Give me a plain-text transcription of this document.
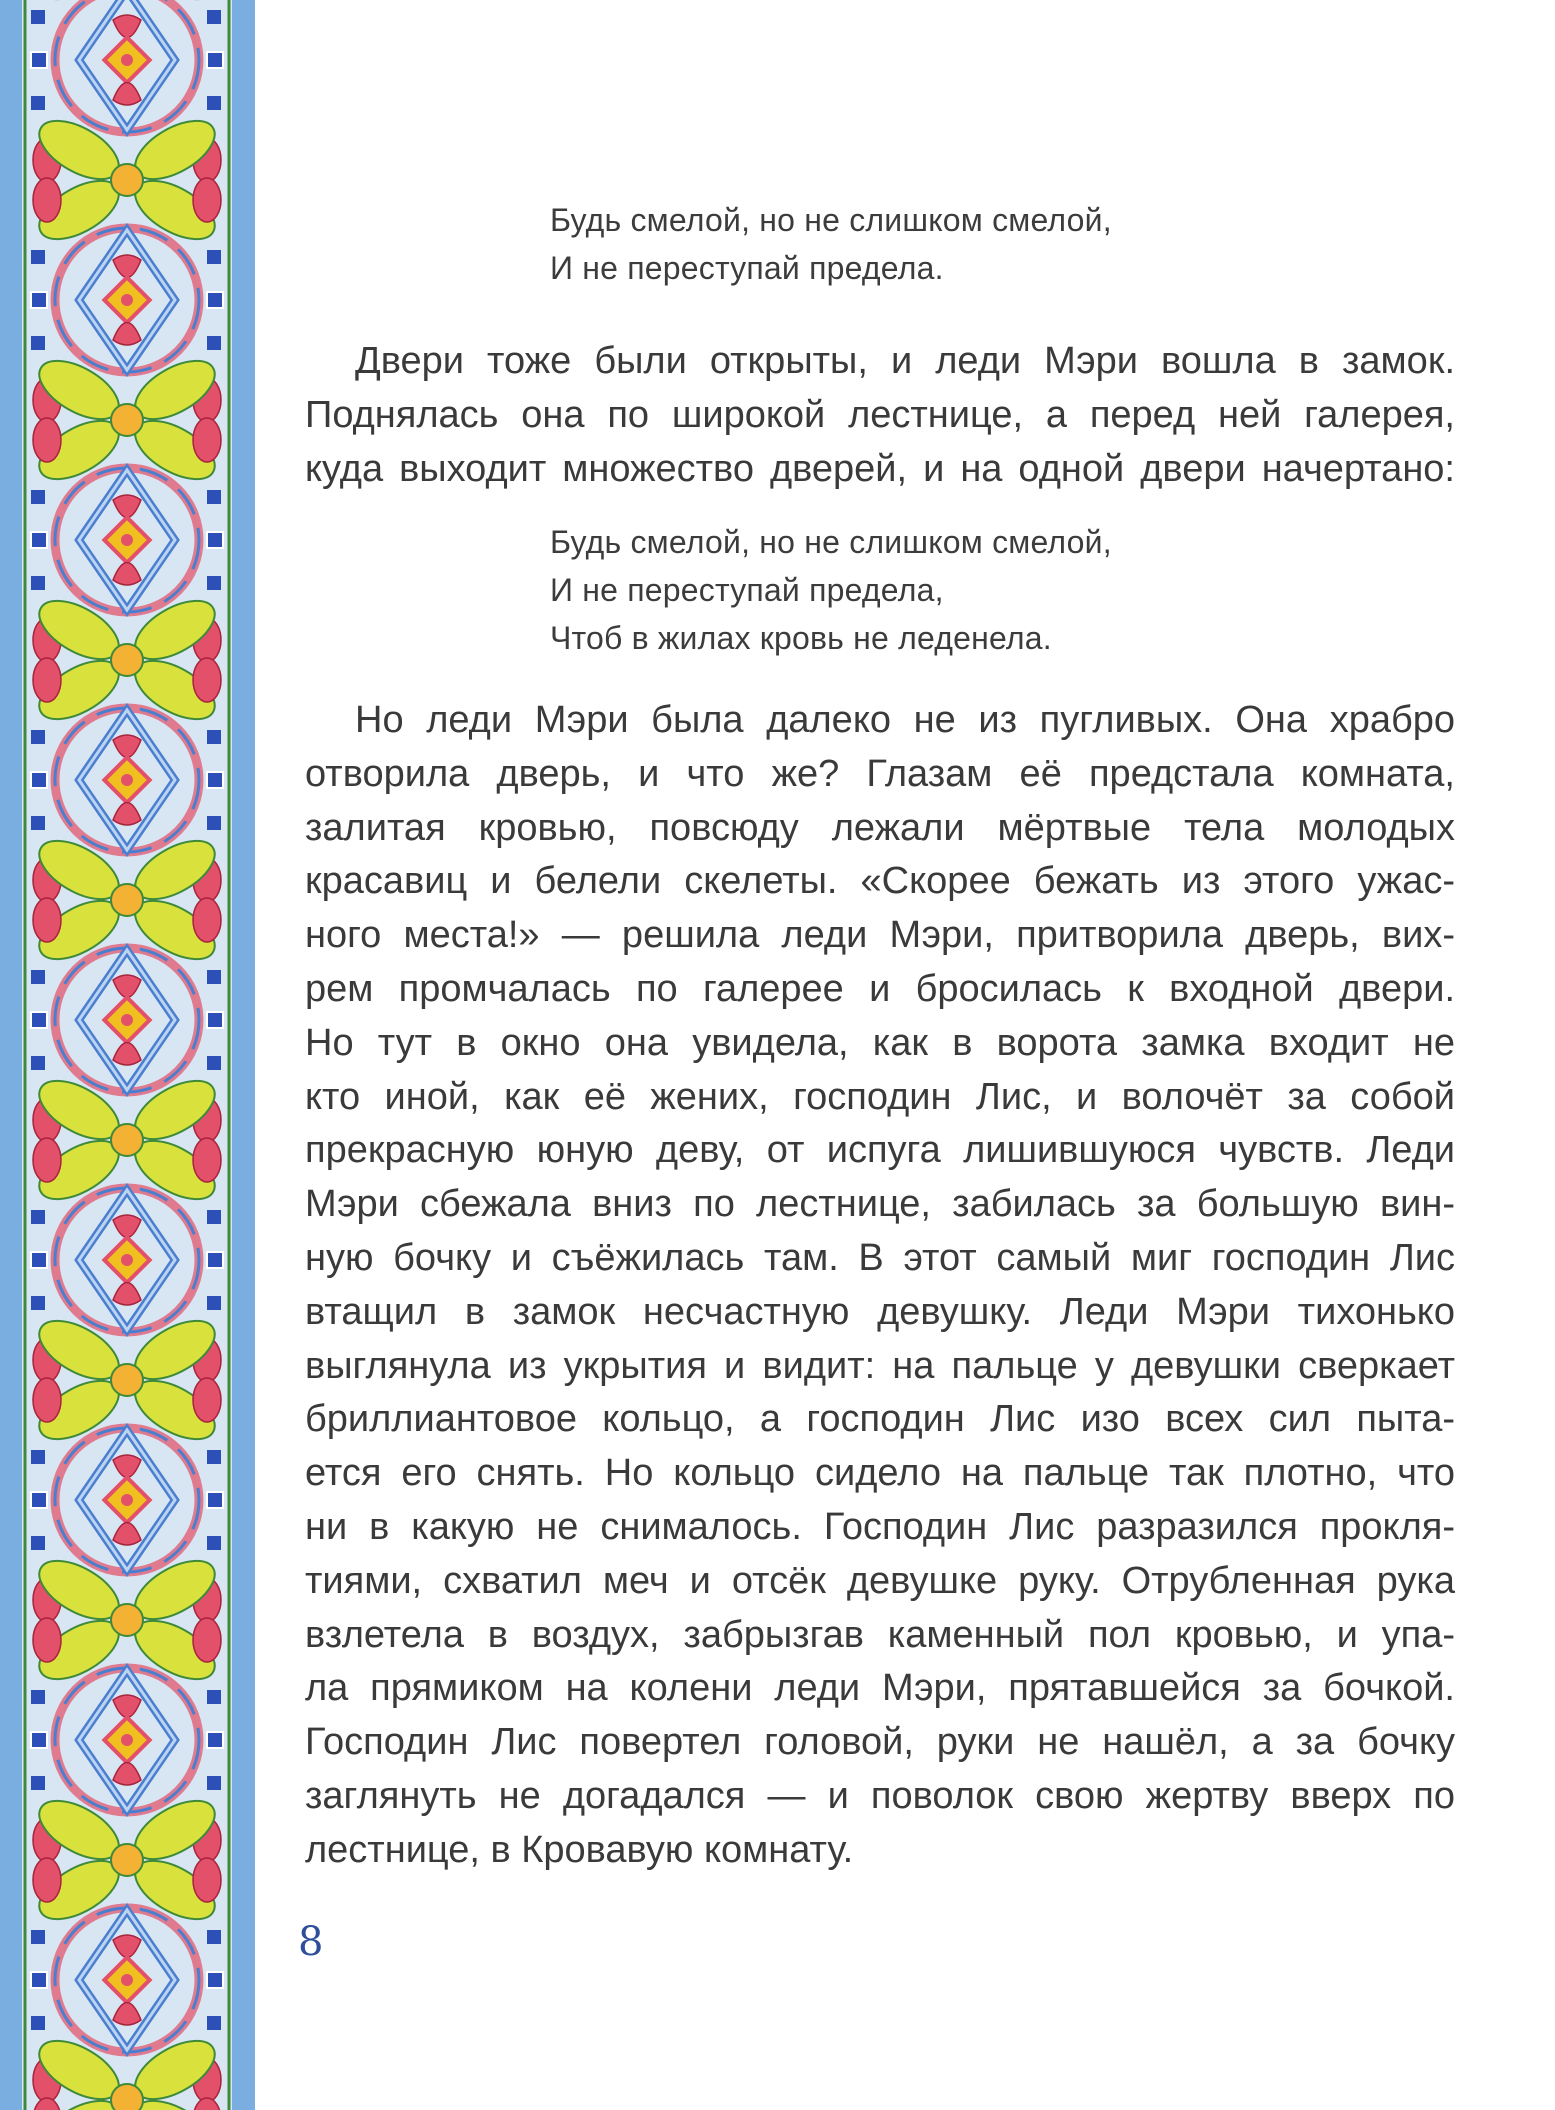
Будь смелой, но не слишком смелой,
И не переступай предела.
Двери тоже были открыты, и леди Мэри вошла в замок.
Поднялась она по широкой лестнице, а перед ней галерея,
куда выходит множество дверей, и на одной двери начертано:
Будь смелой, но не слишком смелой,
И не переступай предела,
Чтоб в жилах кровь не леденела.
Но леди Мэри была далеко не из пугливых. Она храбро
отворила дверь, и что же? Глазам её предстала комната,
залитая кровью, повсюду лежали мёртвые тела молодых
красавиц и белели скелеты. «Скорее бежать из этого ужас-
ного места!» — решила леди Мэри, притворила дверь, вих-
рем промчалась по галерее и бросилась к входной двери.
Но тут в окно она увидела, как в ворота замка входит не
кто иной, как её жених, господин Лис, и волочёт за собой
прекрасную юную деву, от испуга лишившуюся чувств. Леди
Мэри сбежала вниз по лестнице, забилась за большую вин-
ную бочку и съёжилась там. В этот самый миг господин Лис
втащил в замок несчастную девушку. Леди Мэри тихонько
выглянула из укрытия и видит: на пальце у девушки сверкает
бриллиантовое кольцо, а господин Лис изо всех сил пыта-
ется его снять. Но кольцо сидело на пальце так плотно, что
ни в какую не снималось. Господин Лис разразился прокля-
тиями, схватил меч и отсёк девушке руку. Отрубленная рука
взлетела в воздух, забрызгав каменный пол кровью, и упа-
ла прямиком на колени леди Мэри, прятавшейся за бочкой.
Господин Лис повертел головой, руки не нашёл, а за бочку
заглянуть не догадался — и поволок свою жертву вверх по
лестнице, в Кровавую комнату.
8
